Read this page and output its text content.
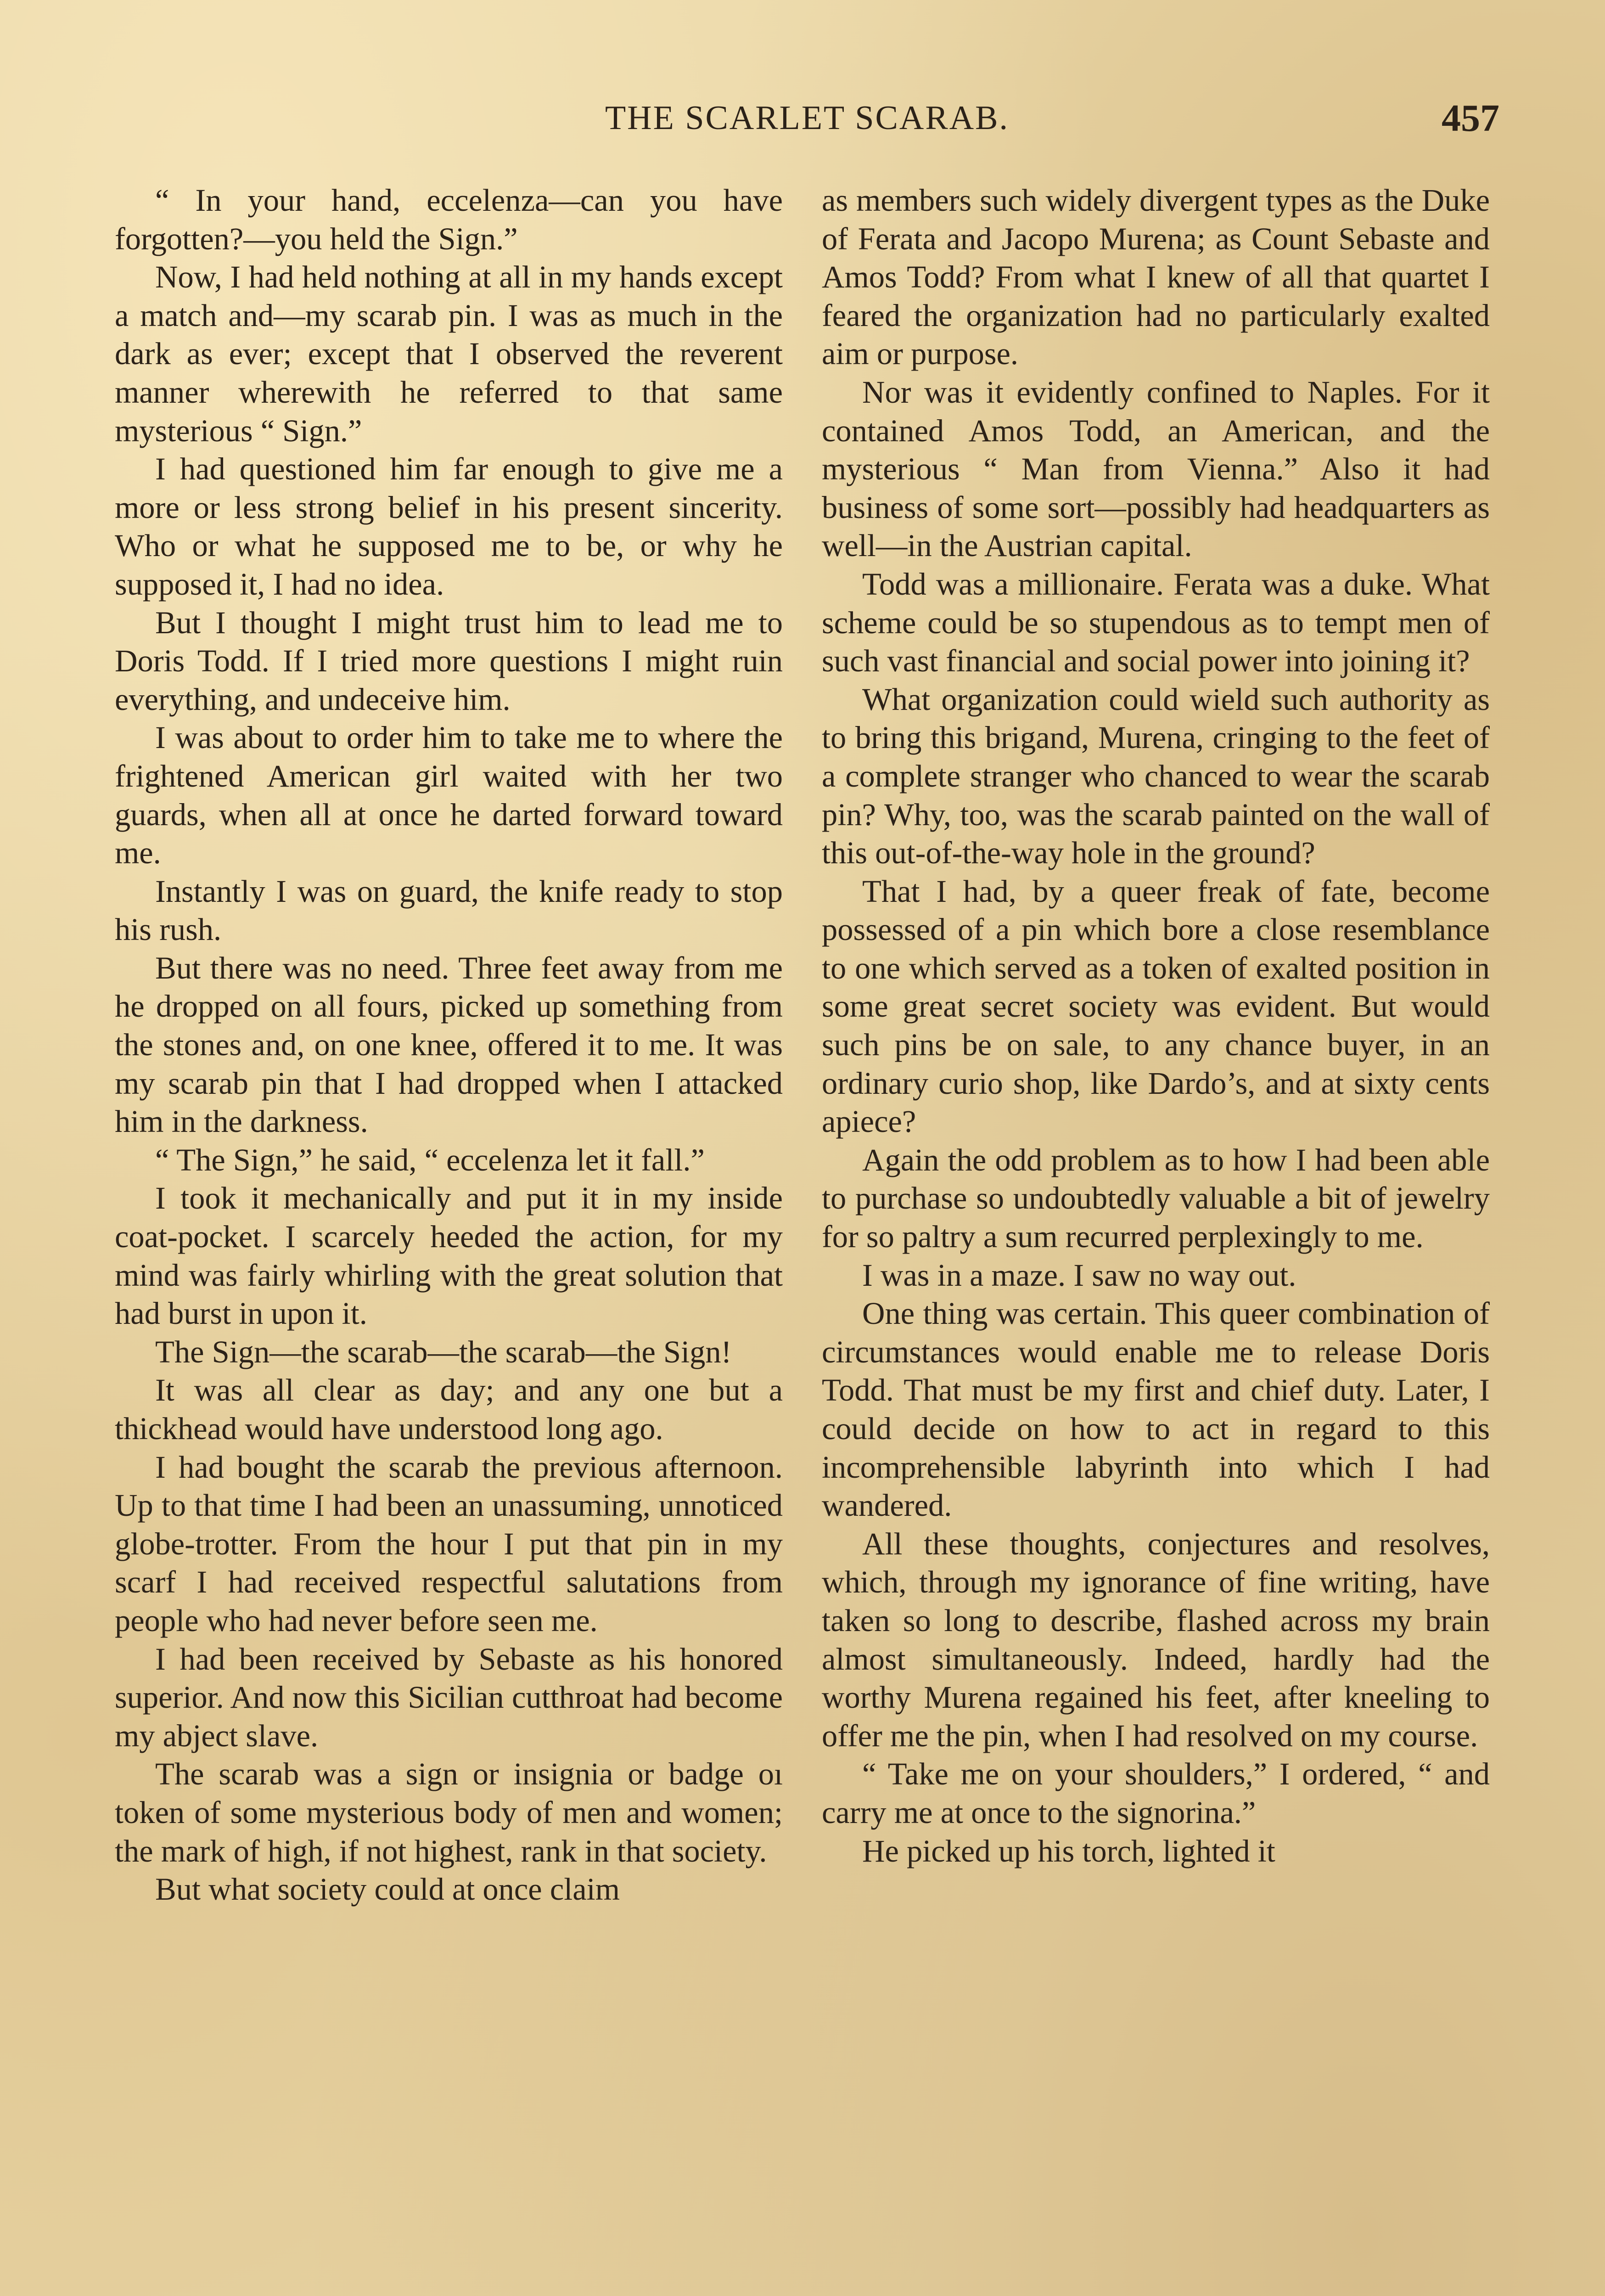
THE SCARLET SCARAB.	457

“ In your hand, eccelenza—can you have forgotten?—you held the Sign.”

Now, I had held nothing at all in my hands except a match and—my scarab pin. I was as much in the dark as ever; except that I observed the reverent manner wherewith he referred to that same mysterious “ Sign.”

I had questioned him far enough to give me a more or less strong belief in his present sincerity. Who or what he supposed me to be, or why he supposed it, I had no idea.

But I thought I might trust him to lead me to Doris Todd. If I tried more questions I might ruin everything, and undeceive him.

I was about to order him to take me to where the frightened American girl waited with her two guards, when all at once he darted forward toward me.

Instantly I was on guard, the knife ready to stop his rush.

But there was no need. Three feet away from me he dropped on all fours, picked up something from the stones and, on one knee, offered it to me. It was my scarab pin that I had dropped when I attacked him in the darkness.

“ The Sign,” he said, “ eccelenza let it fall.”

I took it mechanically and put it in my inside coat-pocket. I scarcely heeded the action, for my mind was fairly whirling with the great solution that had burst in upon it.

The Sign—the scarab—the scarab—the Sign!

It was all clear as day; and any one but a thickhead would have understood long ago.

I had bought the scarab the previous afternoon. Up to that time I had been an unassuming, unnoticed globe-trotter. From the hour I put that pin in my scarf I had received respectful salutations from people who had never before seen me.

I had been received by Sebaste as his honored superior. And now this Sicilian cutthroat had become my abject slave.

The scarab was a sign or insignia or badge oı token of some mysterious body of men and women; the mark of high, if not highest, rank in that society.

But what society could at once claim

as members such widely divergent types as the Duke of Ferata and Jacopo Murena; as Count Sebaste and Amos Todd? From what I knew of all that quartet I feared the organization had no particularly exalted aim or purpose.

Nor was it evidently confined to Naples. For it contained Amos Todd, an American, and the mysterious “ Man from Vienna.” Also it had business of some sort—possibly had headquarters as well—in the Austrian capital.

Todd was a millionaire. Ferata was a duke. What scheme could be so stupendous as to tempt men of such vast financial and social power into joining it?

What organization could wield such authority as to bring this brigand, Murena, cringing to the feet of a complete stranger who chanced to wear the scarab pin? Why, too, was the scarab painted on the wall of this out-of-the-way hole in the ground?

That I had, by a queer freak of fate, become possessed of a pin which bore a close resemblance to one which served as a token of exalted position in some great secret society was evident. But would such pins be on sale, to any chance buyer, in an ordinary curio shop, like Dardo’s, and at sixty cents apiece?

Again the odd problem as to how I had been able to purchase so undoubtedly valuable a bit of jewelry for so paltry a sum recurred perplexingly to me.

I was in a maze. I saw no way out.

One thing was certain. This queer combination of circumstances would enable me to release Doris Todd. That must be my first and chief duty. Later, I could decide on how to act in regard to this incomprehensible labyrinth into which I had wandered.

All these thoughts, conjectures and resolves, which, through my ignorance of fine writing, have taken so long to describe, flashed across my brain almost simultaneously. Indeed, hardly had the worthy Murena regained his feet, after kneeling to offer me the pin, when I had resolved on my course.

“ Take me on your shoulders,” I ordered, “ and carry me at once to the signorina.”

He picked up his torch, lighted it
